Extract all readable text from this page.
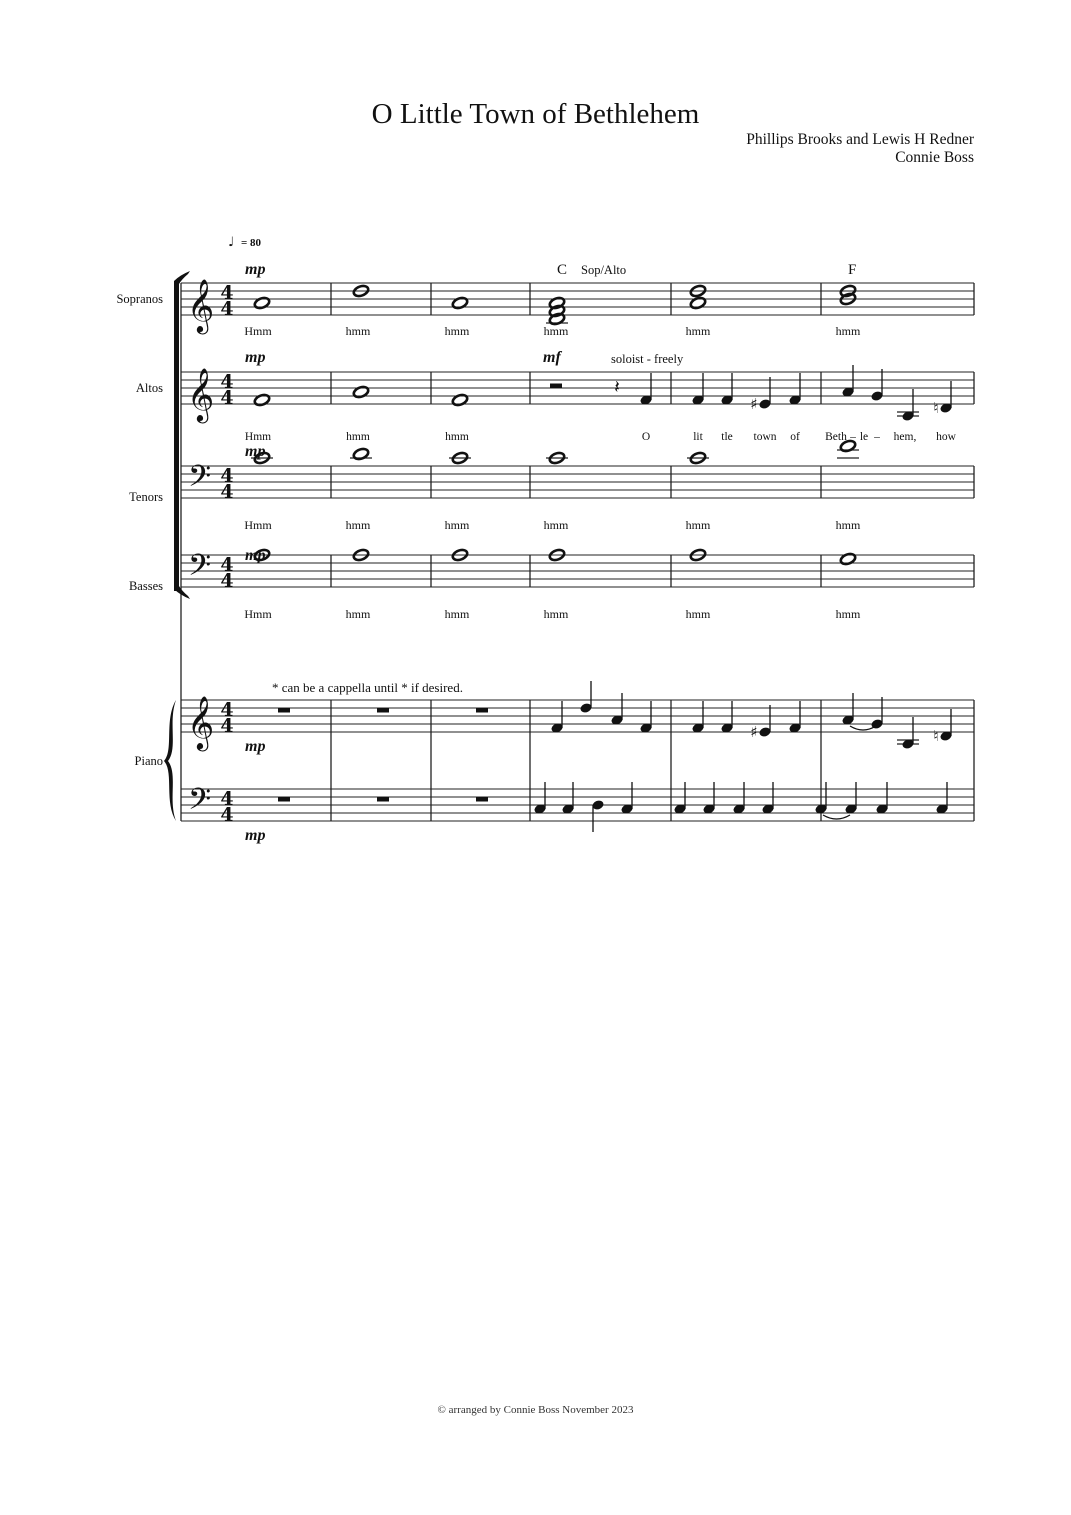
O Little Town of Bethlehem
Phillips Brooks and Lewis H Redner
Connie Boss
Sopranos
Altos
Tenors
Basses
Piano
𝄞 4
4
𝄞 4
4
𝄢 4
4
𝄢 4
4
𝄞 4
4
𝄢 4
4
♩ = 80
mp
mp	mf
mp
mp
mp
mp
C	F
Sop/Alto
soloist - freely
* can be a cappella until * if desired.
𝄽
♯	♮
♯	♮
Hmm	hmm	hmm	hmm	hmm	hmm
Hmm	hmm	hmm	hmm	hmm	hmm
Hmm	hmm	hmm	hmm	hmm	hmm
Hmm	hmm	hmm	O	lit tle town of Beth – le – hem, how
© arranged by Connie Boss November 2023
